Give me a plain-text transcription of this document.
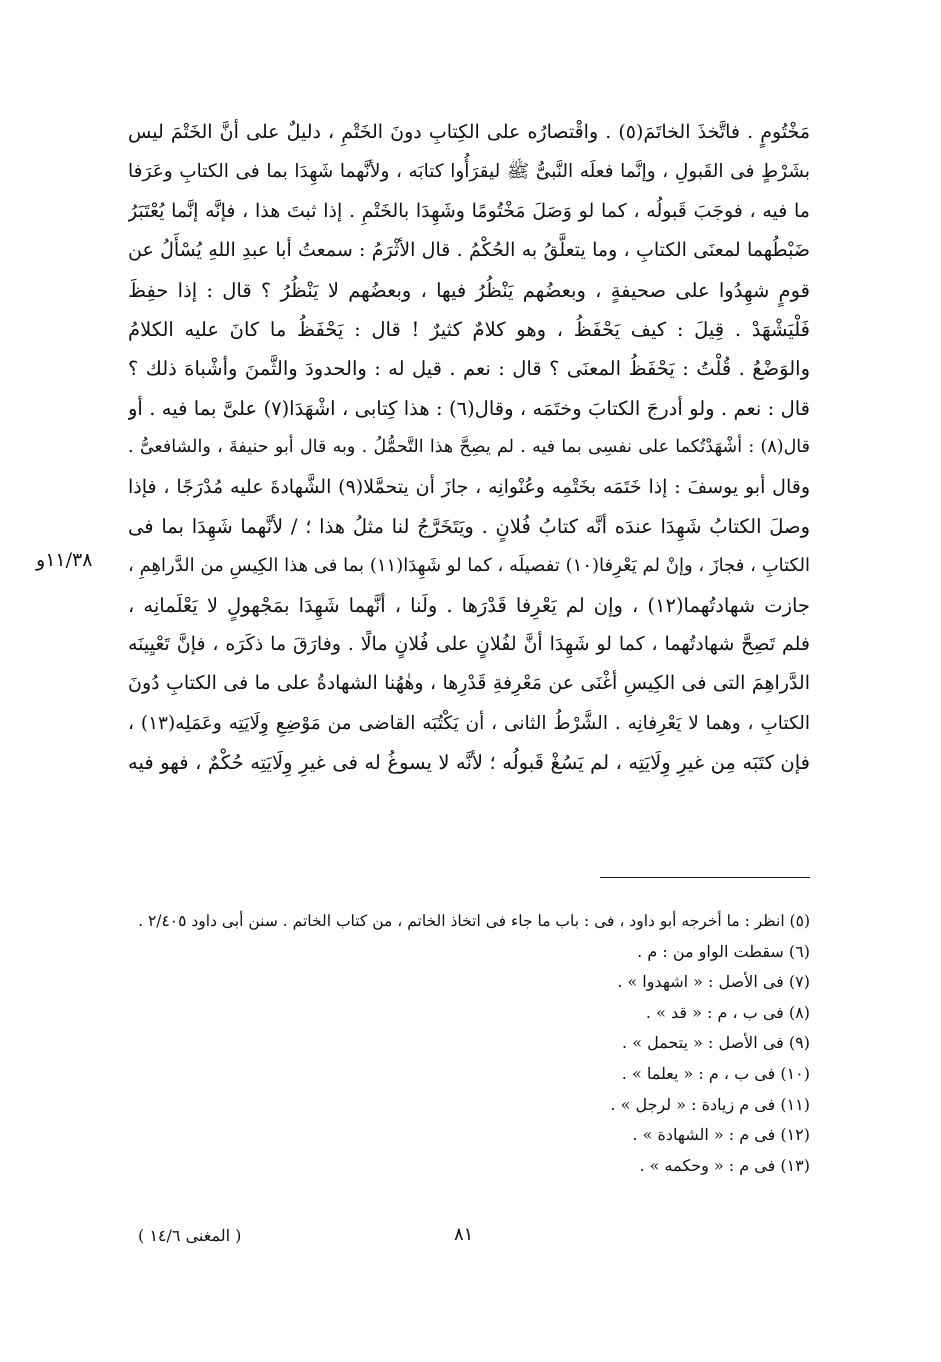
مَخْتُومٍ . فاتَّخذَ الخاتَمَ(٥) . واقْتصارُه على الكِتابِ دونَ الخَتْمِ ، دليلٌ على أنَّ الخَتْمَ ليس
بشَرْطٍ فى القَبولِ ، وإنَّما فعلَه النَّبىُّ ﷺ ليقرَأُوا كتابَه ، ولأنَّهما شَهِدَا بما فى الكتابِ وعَرَفا
ما فيه ، فوجَبَ قَبولُه ، كما لو وَصَلَ مَخْتُومًا وشَهِدَا بالخَتْمِ . إذا ثبتَ هذا ، فإنَّه إنَّما يُعْتَبَرُ
ضَبْطُهما لمعنَى الكتابِ ، وما يتعلَّقُ به الحُكْمُ . قال الأثْرَمُ : سمعتُ أبا عبدِ اللهِ يُسْأَلُ عن
قومٍ شهِدُوا على صحيفةٍ ، وبعضُهم يَنْظُرُ فيها ، وبعضُهم لا يَنْظُرُ ؟ قال : إذا حفِظَ
فَلْيَشْهَدْ . قِيلَ : كيف يَحْفَظُ ، وهو كلامٌ كثيرٌ ! قال : يَحْفَظُ ما كانَ عليه الكلامُ
والوَضْعُ . قُلْتُ : يَحْفَظُ المعنَى ؟ قال : نعم . قيل له : والحدودَ والثَّمنَ وأشْباهَ ذلك ؟
قال : نعم . ولو أدرجَ الكتابَ وختَمَه ، وقال(٦) : هذا كِتابى ، اشْهَدَا(٧) علىَّ بما فيه . أو
قال(٨) : أشْهَدْتُكما على نفسِى بما فيه . لم يصِحَّ هذا التَّحمُّلُ . وبه قال أبو حنيفةَ ، والشافعىُّ .
وقال أبو يوسفَ : إذا خَتَمَه بخَتْمِه وعُنْوانِه ، جازَ أن يتحمَّلا(٩) الشَّهادةَ عليه مُدْرَجًا ، فإذا
وصلَ الكتابُ شَهِدَا عندَه أنَّه كتابُ فُلانٍ . ويَتَخَرَّجُ لنا مثلُ هذا ؛ / لأنَّهما شَهِدَا بما فى
الكتابِ ، فجازَ ، وإنْ لم يَعْرِفا(١٠) تفصيلَه ، كما لو شَهِدَا(١١) بما فى هذا الكِيسِ من الدَّراهِمِ ،
جازت شهادتُهما(١٢) ، وإن لم يَعْرِفا قَدْرَها . ولَنا ، أنَّهما شَهِدَا بمَجْهولٍ لا يَعْلَمانِه ،
فلم تَصِحَّ شهادتُهما ، كما لو شَهِدَا أنَّ لفُلانٍ على فُلانٍ مالًا . وفارَقَ ما ذكَرَه ، فإنَّ تَعْيِينَه
الدَّراهِمَ التى فى الكِيسِ أغْنَى عن مَعْرِفةِ قَدْرِها ، وهٰهُنا الشهادةُ على ما فى الكتابِ دُونَ
الكتابِ ، وهما لا يَعْرِفانِه . الشَّرْطُ الثانى ، أن يَكْتُبَه القاضى من مَوْضِعِ وِلَايَتِه وعَمَلِه(١٣) ،
فإن كتَبَه مِن غيرِ وِلَايَتِه ، لم يَسُغْ قَبولُه ؛ لأنَّه لا يسوغُ له فى غيرِ وِلَايَتِه حُكْمٌ ، فهو فيه
١١/٣٨و
(٥) انظر : ما أخرجه أبو داود ، فى : باب ما جاء فى اتخاذ الخاتم ، من كتاب الخاتم . سنن أبى داود ٢/٤٠٥ .
(٦) سقطت الواو من : م .
(٧) فى الأصل : « اشهدوا » .
(٨) فى ب ، م : « قد » .
(٩) فى الأصل : « يتحمل » .
(١٠) فى ب ، م : « يعلما » .
(١١) فى م زيادة : « لرجل » .
(١٢) فى م : « الشهادة » .
(١٣) فى م : « وحكمه » .
٨١
( المغنى ١٤/٦ )
